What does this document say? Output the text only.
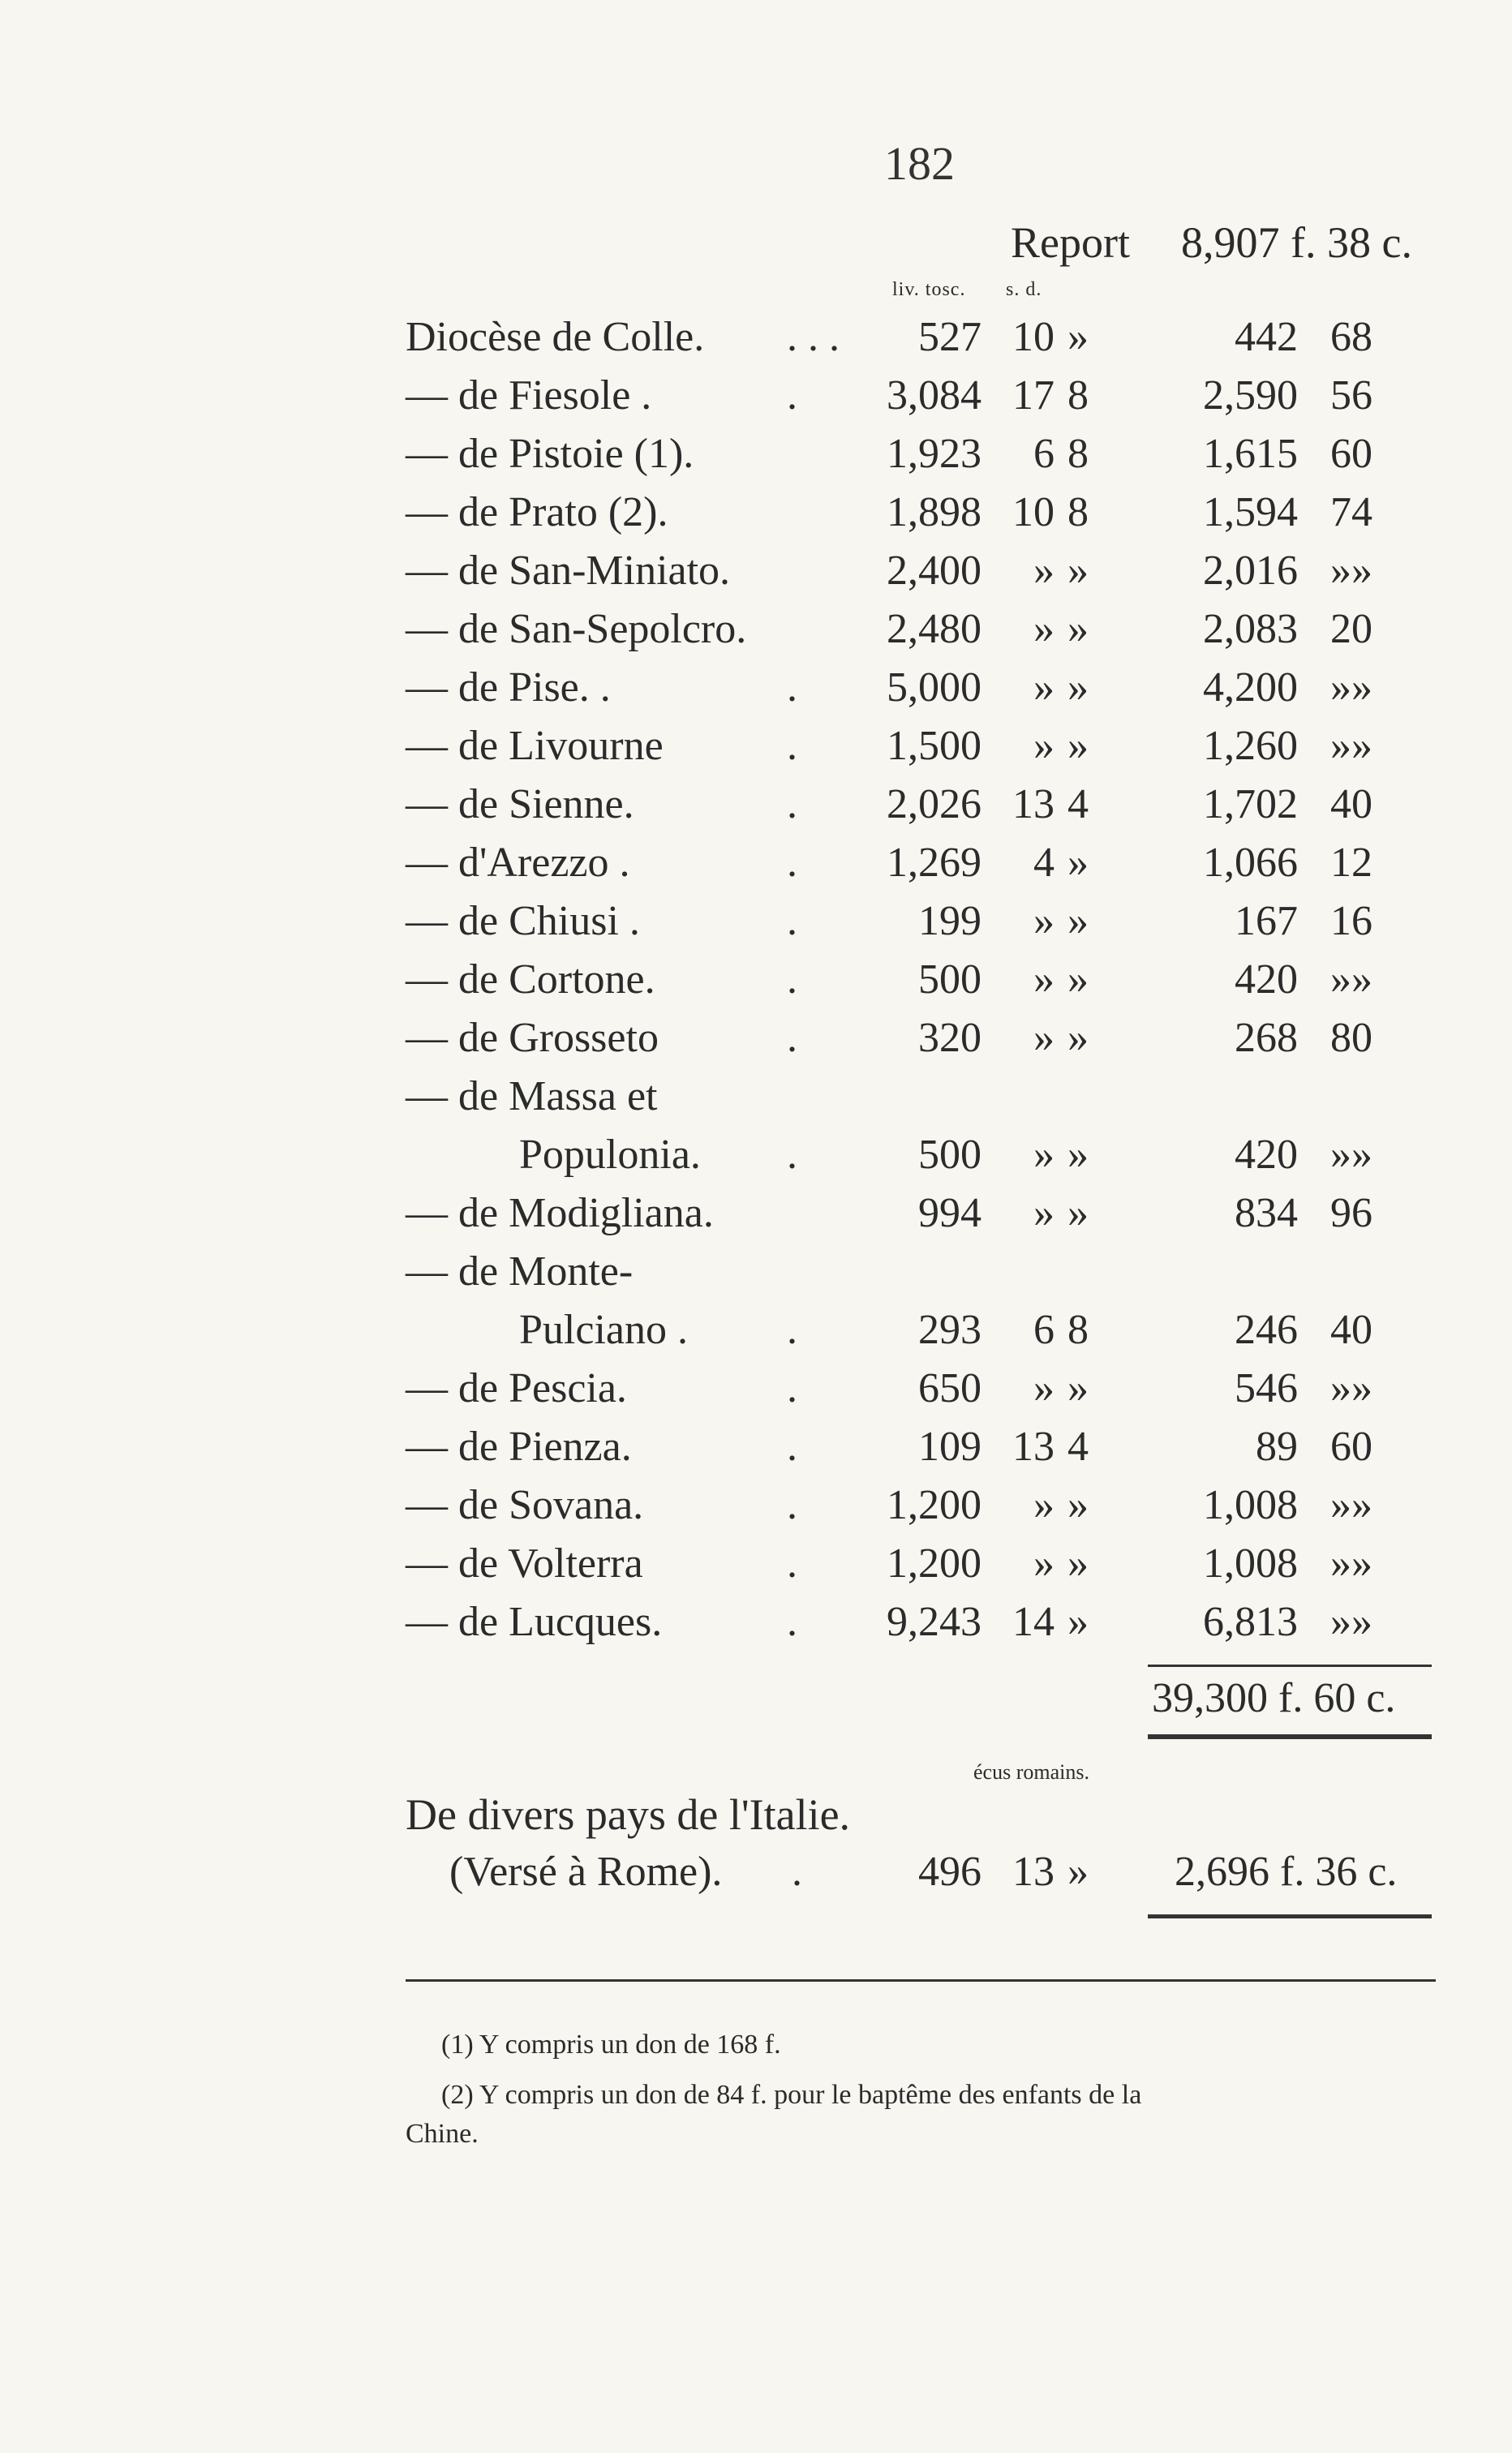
182
Report 8,907 f. 38 c.
liv. tosc. s. d.
Diocèse de Colle. . . .	527 10 »	442 68
— de Fiesole .	.	3,084 17 8	2,590 56
— de Pistoie (1).	1,923	6 8	1,615 60
— de Prato (2).	1,898 10 8	1,594 74
— de San-Miniato.	2,400	» »	2,016 »»
— de San-Sepolcro.	2,480	» »	2,083 20
— de Pise. .	.	5,000	» »	4,200 »»
— de Livourne	.	1,500	» »	1,260 »»
— de Sienne.	.	2,026 13 4	1,702 40
— d'Arezzo .	.	1,269	4 »	1,066 12
— de Chiusi .	.	199	» »	167 16
— de Cortone.	.	500	» »	420 »»
— de Grosseto	.	320	» »	268 80
— de Massa et
Populonia. .	500	» »	420 »»
— de Modigliana.	994	» »	834 96
— de Monte-
Pulciano . .	293	6 8	246 40
— de Pescia.	.	650	» »	546 »»
— de Pienza.	.	109 13 4	89 60
— de Sovana.	.	1,200	» »	1,008 »»
— de Volterra	.	1,200	» »	1,008 »»
— de Lucques.	.	9,243 14 »	6,813 »»
39,300 f. 60 c.
écus romains.
De divers pays de l'Italie.
(Versé à Rome). .	496 13 »	2,696 f. 36 c.
(1) Y compris un don de 168 f.
(2) Y compris un don de 84 f. pour le baptême des enfants de la
Chine.
